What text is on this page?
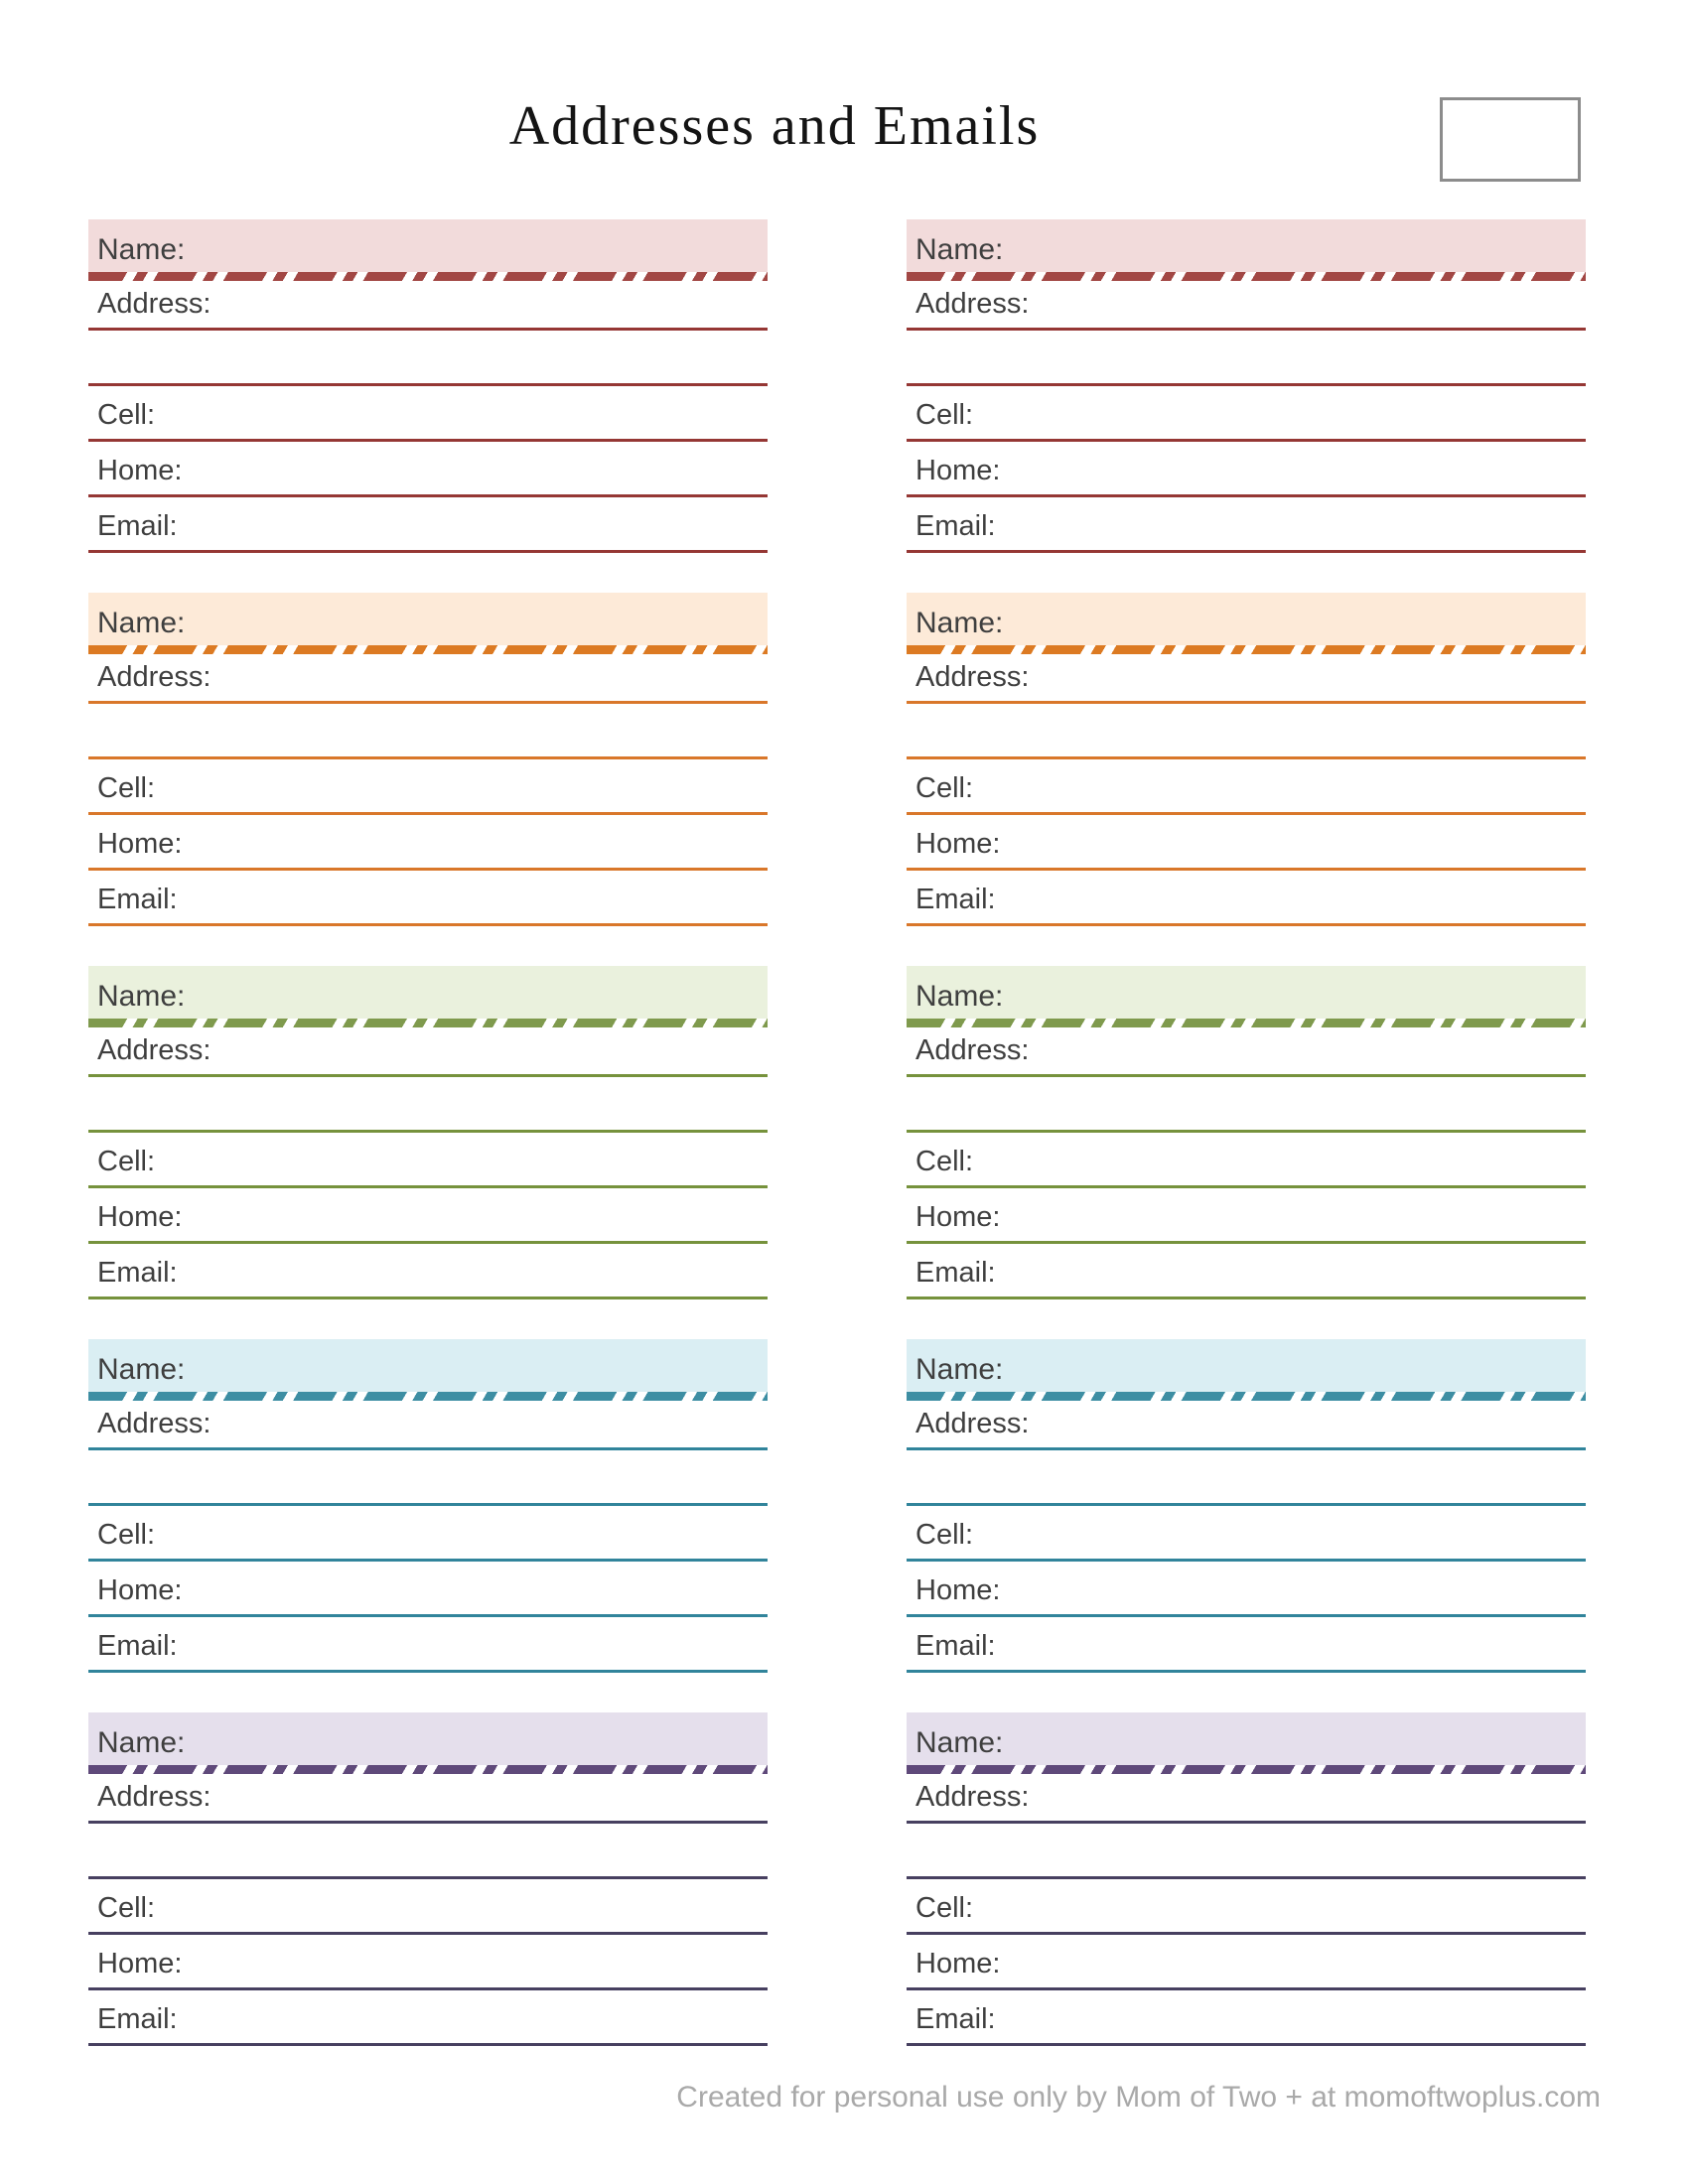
Addresses and Emails
Name:
Address:
Cell:
Home:
Email:
Name:
Address:
Cell:
Home:
Email:
Name:
Address:
Cell:
Home:
Email:
Name:
Address:
Cell:
Home:
Email:
Name:
Address:
Cell:
Home:
Email:
Name:
Address:
Cell:
Home:
Email:
Name:
Address:
Cell:
Home:
Email:
Name:
Address:
Cell:
Home:
Email:
Name:
Address:
Cell:
Home:
Email:
Name:
Address:
Cell:
Home:
Email:
Created for personal use only by Mom of Two + at momoftwoplus.com
